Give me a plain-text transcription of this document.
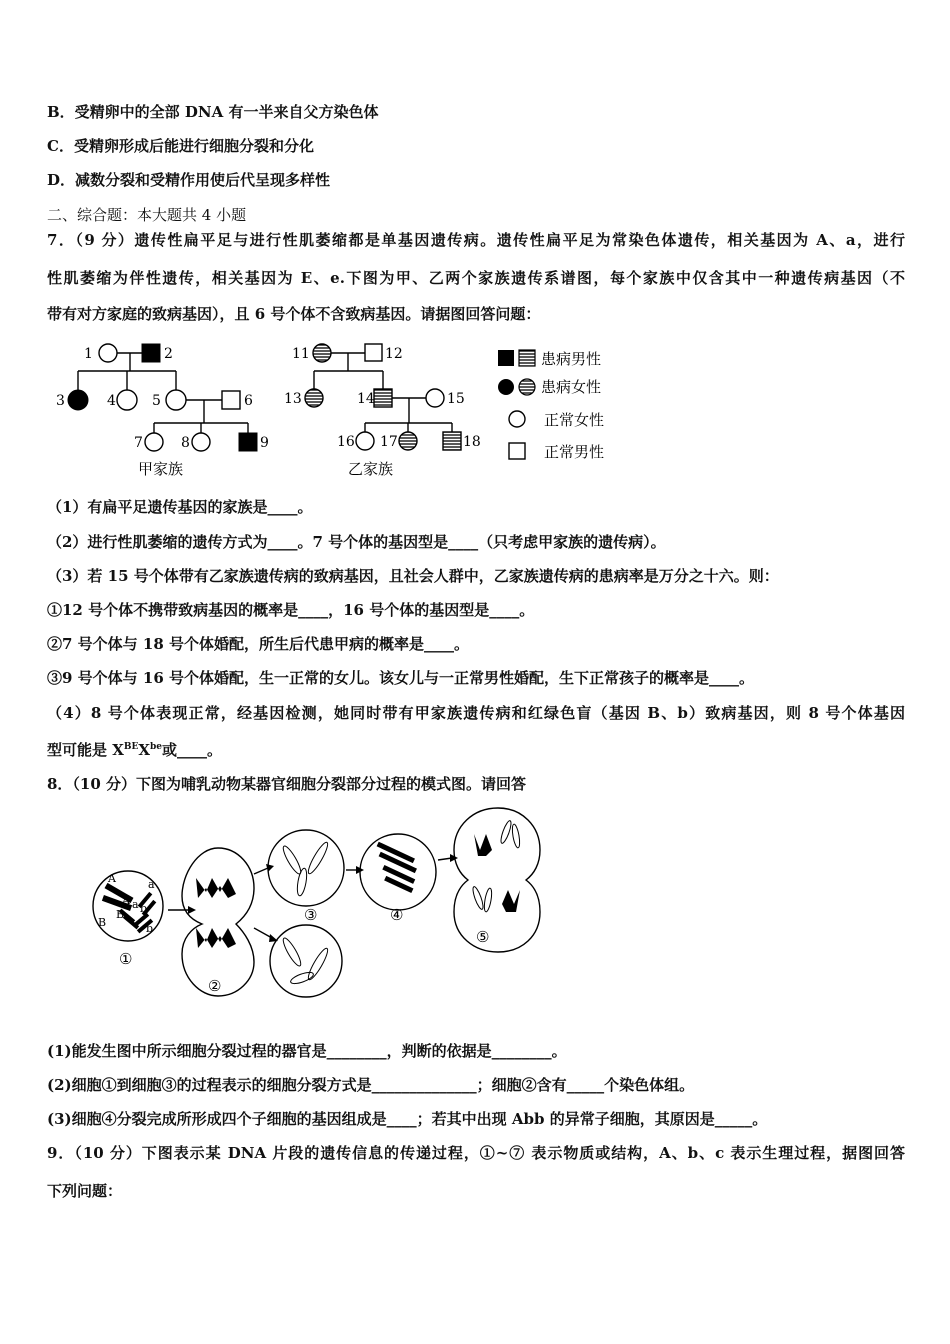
B．受精卵中的全部 DNA 有一半来自父方染色体
C．受精卵形成后能进行细胞分裂和分化
D．减数分裂和受精作用使后代呈现多样性
二、综合题：本大题共 4 小题
7．（9 分）遗传性扁平足与进行性肌萎缩都是单基因遗传病。遗传性扁平足为常染色体遗传，相关基因为 A、a，进行
性肌萎缩为伴性遗传，相关基因为 E、e.下图为甲、乙两个家族遗传系谱图，每个家族中仅含其中一种遗传病基因（不
带有对方家庭的致病基因），且 6 号个体不含致病基因。请据图回答问题：
1	2
3	4	5	6
7	8	9
11	12
13	14	15
16 17	18
甲家族	乙家族
患病男性
患病女性
正常女性
正常男性
（1）有扁平足遗传基因的家族是____。
（2）进行性肌萎缩的遗传方式为____。7 号个体的基因型是____（只考虑甲家族的遗传病）。
（3）若 15 号个体带有乙家族遗传病的致病基因，且社会人群中，乙家族遗传病的患病率是万分之十六。则：
①12 号个体不携带致病基因的概率是____，16 号个体的基因型是____。
②7 号个体与 18 号个体婚配，所生后代患甲病的概率是____。
③9 号个体与 16 号个体婚配，生一正常的女儿。该女儿与一正常男性婚配，生下正常孩子的概率是____。
（4）8 号个体表现正常，经基因检测，她同时带有甲家族遗传病和红绿色盲（基因 B、b）致病基因，则 8 号个体基因
型可能是 $X^{BE}X^{be}$或____。
8．（10 分）下图为哺乳动物某器官细胞分裂部分过程的模式图。请回答
A
A
a
a
B
B
b
b
①
②
③	④
⑤
(1)能发生图中所示细胞分裂过程的器官是________，判断的依据是________。
(2)细胞①到细胞③的过程表示的细胞分裂方式是______________；细胞②含有_____个染色体组。
(3)细胞④分裂完成所形成四个子细胞的基因组成是____；若其中出现 Abb 的异常子细胞，其原因是_____。
9．（10 分）下图表示某 DNA 片段的遗传信息的传递过程，①~⑦ 表示物质或结构，A、b、c 表示生理过程，据图回答
下列问题：
